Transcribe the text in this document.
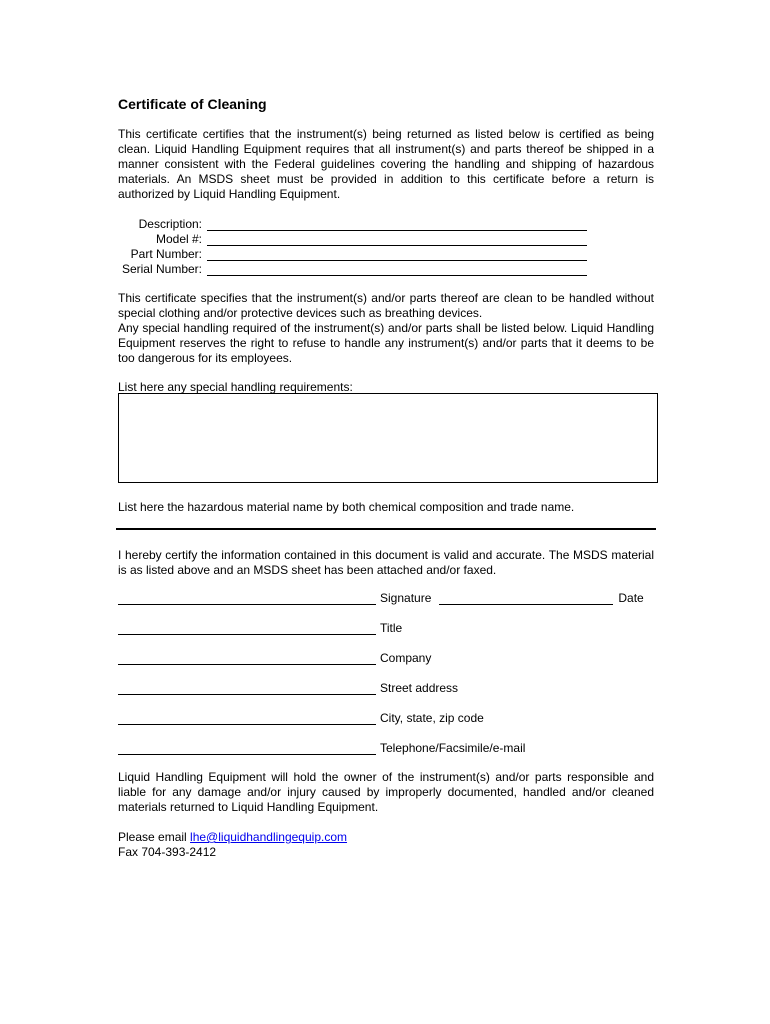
Certificate of Cleaning

This certificate certifies that the instrument(s) being returned as listed below is certified as being clean. Liquid Handling Equipment requires that all instrument(s) and parts thereof be shipped in a manner consistent with the Federal guidelines covering the handling and shipping of hazardous materials. An MSDS sheet must be provided in addition to this certificate before a return is authorized by Liquid Handling Equipment.

Description:
Model #:
Part Number:
Serial Number:

This certificate specifies that the instrument(s) and/or parts thereof are clean to be handled without special clothing and/or protective devices such as breathing devices.

Any special handling required of the instrument(s) and/or parts shall be listed below. Liquid Handling Equipment reserves the right to refuse to handle any instrument(s) and/or parts that it deems to be too dangerous for its employees.

List here any special handling requirements:
List here the hazardous material name by both chemical composition and trade name.

I hereby certify the information contained in this document is valid and accurate. The MSDS material is as listed above and an MSDS sheet has been attached and/or faxed.

Signature	Date
Title
Company
Street address
City, state, zip code
Telephone/Facsimile/e-mail

Liquid Handling Equipment will hold the owner of the instrument(s) and/or parts responsible and liable for any damage and/or injury caused by improperly documented, handled and/or cleaned materials returned to Liquid Handling Equipment.

Please email lhe@liquidhandlingequip.com
Fax 704-393-2412
